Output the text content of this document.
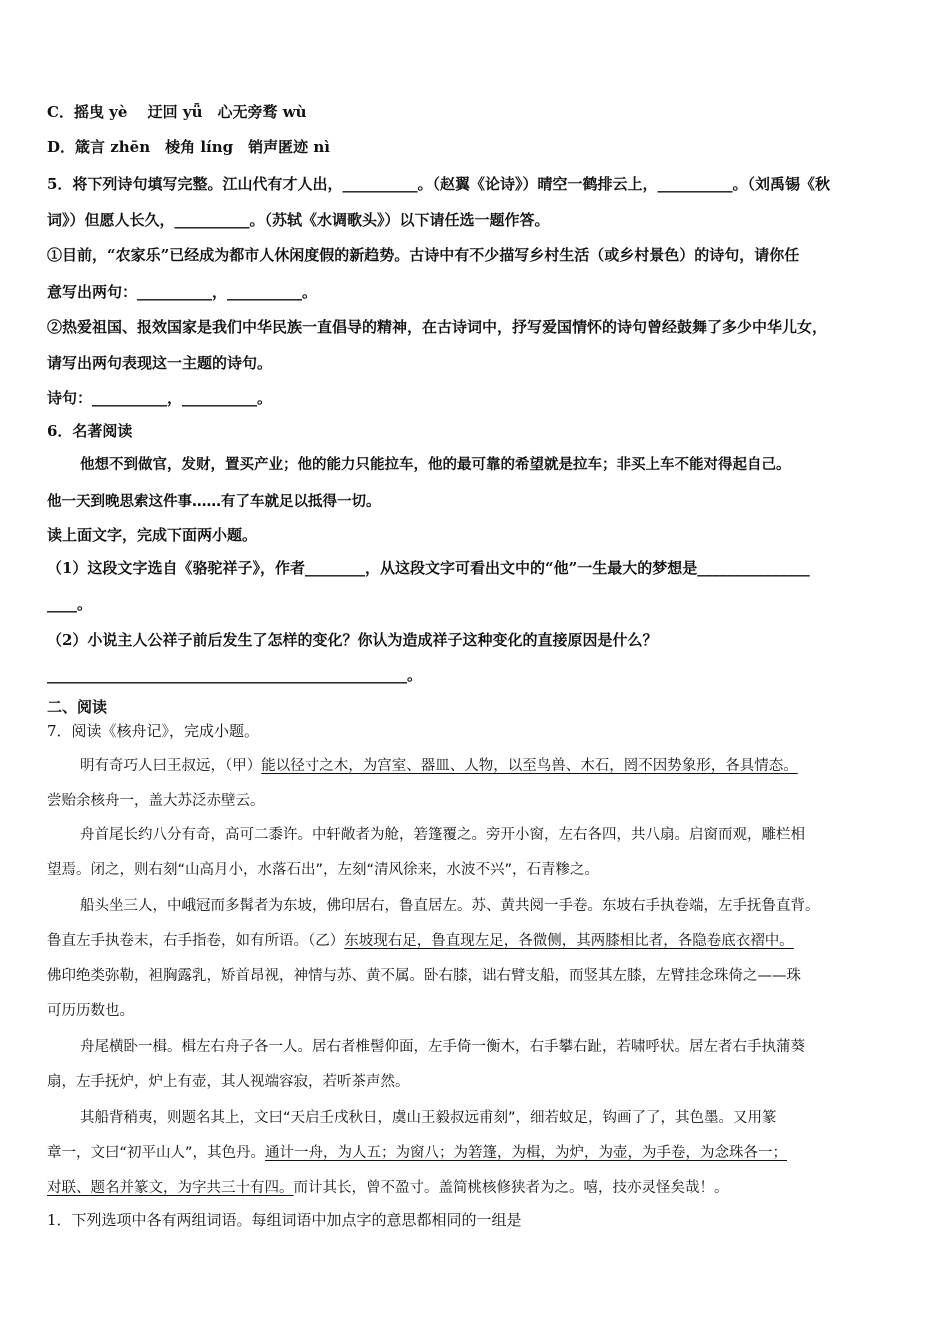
C．摇曳 yè　 迂回 yǖ　心无旁骛 wù
D．箴言 zhēn　棱角 líng　销声匿迹 nì
5．将下列诗句填写完整。江山代有才人出，__________。（赵翼《论诗》）晴空一鹤排云上，__________。（刘禹锡《秋
词》）但愿人长久，__________。（苏轼《水调歌头》）以下请任选一题作答。
①目前，“农家乐”已经成为都市人休闲度假的新趋势。古诗中有不少描写乡村生活（或乡村景色）的诗句，请你任
意写出两句：__________，__________。
②热爱祖国、报效国家是我们中华民族一直倡导的精神，在古诗词中，抒写爱国情怀的诗句曾经鼓舞了多少中华儿女，
请写出两句表现这一主题的诗句。
诗句：__________，__________。
6．名著阅读
他想不到做官，发财，置买产业；他的能力只能拉车，他的最可靠的希望就是拉车；非买上车不能对得起自己。
他一天到晚思索这件事……有了车就足以抵得一切。
读上面文字，完成下面两小题。
（1）这段文字选自《骆驼祥子》，作者________，从这段文字可看出文中的“他”一生最大的梦想是_______________
____。
（2）小说主人公祥子前后发生了怎样的变化？你认为造成祥子这种变化的直接原因是什么？
________________________________________________。
二、阅读
7．阅读《核舟记》，完成小题。
明有奇巧人曰王叔远，（甲）能以径寸之木，为宫室、器皿、人物，以至鸟兽、木石，罔不因势象形，各具情态。
尝贻余核舟一，盖大苏泛赤壁云。
舟首尾长约八分有奇，高可二黍许。中轩敞者为舱，箬篷覆之。旁开小窗，左右各四，共八扇。启窗而观，雕栏相
望焉。闭之，则右刻“山高月小，水落石出”，左刻“清风徐来，水波不兴”，石青糁之。
船头坐三人，中峨冠而多髯者为东坡，佛印居右，鲁直居左。苏、黄共阅一手卷。东坡右手执卷端，左手抚鲁直背。
鲁直左手执卷末，右手指卷，如有所语。（乙）东坡现右足，鲁直现左足，各微侧，其两膝相比者，各隐卷底衣褶中。
佛印绝类弥勒，袒胸露乳，矫首昂视，神情与苏、黄不属。卧右膝，诎右臂支船，而竖其左膝，左臂挂念珠倚之——珠
可历历数也。
舟尾横卧一楫。楫左右舟子各一人。居右者椎髻仰面，左手倚一衡木，右手攀右趾，若啸呼状。居左者右手执蒲葵
扇，左手抚炉，炉上有壶，其人视端容寂，若听茶声然。
其船背稍夷，则题名其上，文曰“天启壬戌秋日，虞山王毅叔远甫刻”，细若蚊足，钩画了了，其色墨。又用篆
章一，文曰“初平山人”，其色丹。通计一舟，为人五；为窗八；为箬篷，为楫，为炉，为壶，为手卷，为念珠各一；
对联、题名并篆文，为字共三十有四。而计其长，曾不盈寸。盖简桃核修狭者为之。嘻，技亦灵怪矣哉！。
1．下列选项中各有两组词语。每组词语中加点字的意思都相同的一组是
